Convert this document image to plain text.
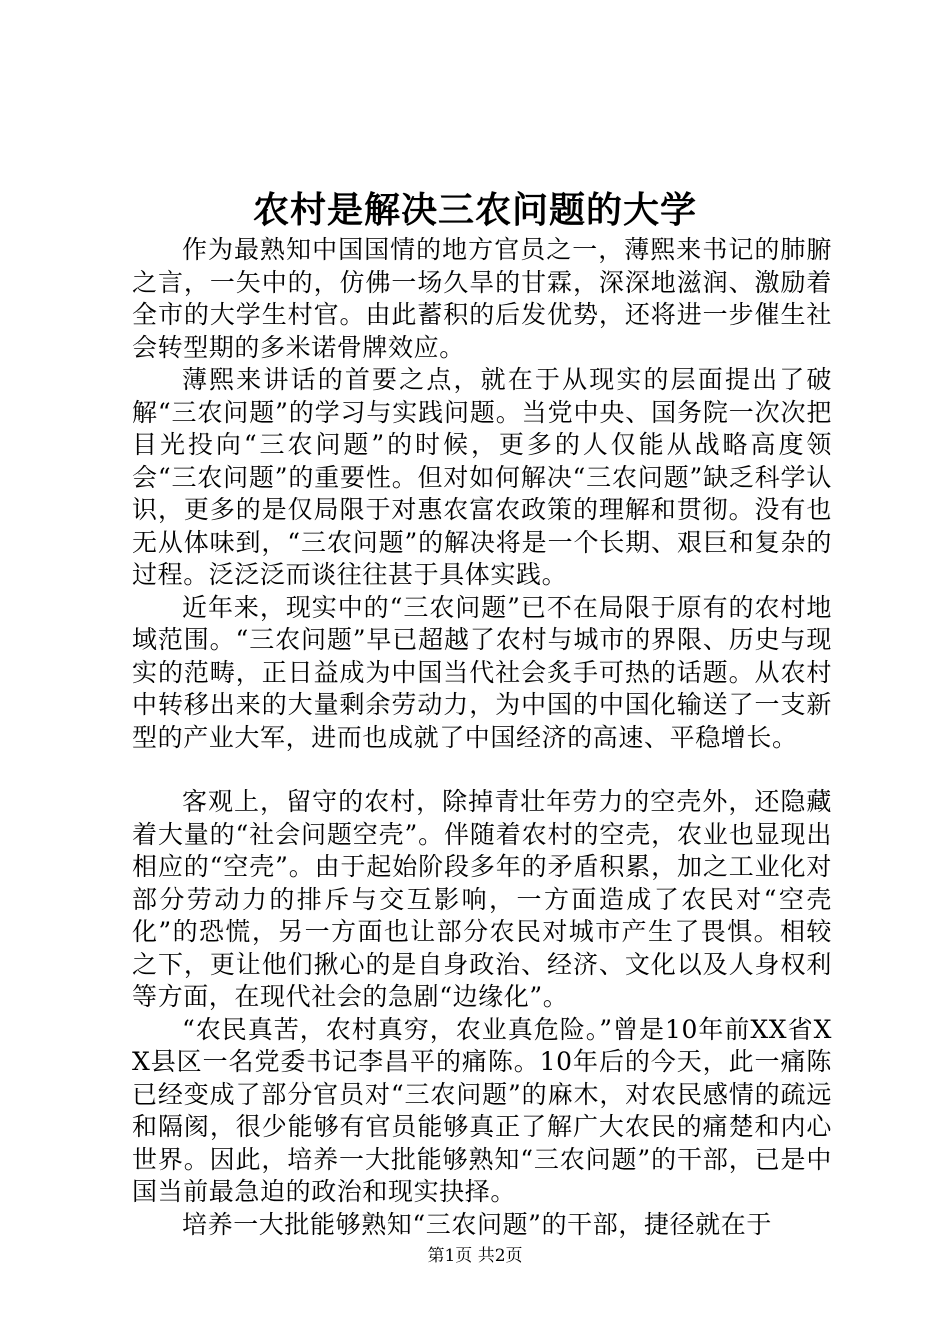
农村是解决三农问题的大学

作为最熟知中国国情的地方官员之一，薄熙来书记的肺腑之言，一矢中的，仿佛一场久旱的甘霖，深深地滋润、激励着全市的大学生村官。由此蓄积的后发优势，还将进一步催生社会转型期的多米诺骨牌效应。

薄熙来讲话的首要之点，就在于从现实的层面提出了破解“三农问题”的学习与实践问题。当党中央、国务院一次次把目光投向“三农问题”的时候，更多的人仅能从战略高度领会“三农问题”的重要性。但对如何解决“三农问题”缺乏科学认识，更多的是仅局限于对惠农富农政策的理解和贯彻。没有也无从体味到，“三农问题”的解决将是一个长期、艰巨和复杂的过程。泛泛泛而谈往往甚于具体实践。

近年来，现实中的“三农问题”已不在局限于原有的农村地域范围。“三农问题”早已超越了农村与城市的界限、历史与现实的范畴，正日益成为中国当代社会炙手可热的话题。从农村中转移出来的大量剩余劳动力，为中国的中国化输送了一支新型的产业大军，进而也成就了中国经济的高速、平稳增长。

客观上，留守的农村，除掉青壮年劳力的空壳外，还隐藏着大量的“社会问题空壳”。伴随着农村的空壳，农业也显现出相应的“空壳”。由于起始阶段多年的矛盾积累，加之工业化对部分劳动力的排斥与交互影响，一方面造成了农民对“空壳化”的恐慌，另一方面也让部分农民对城市产生了畏惧。相较之下，更让他们揪心的是自身政治、经济、文化以及人身权利等方面，在现代社会的急剧“边缘化”。

“农民真苦，农村真穷，农业真危险。”曾是10年前XX省XX县区一名党委书记李昌平的痛陈。10年后的今天，此一痛陈已经变成了部分官员对“三农问题”的麻木，对农民感情的疏远和隔阂，很少能够有官员能够真正了解广大农民的痛楚和内心世界。因此，培养一大批能够熟知“三农问题”的干部，已是中国当前最急迫的政治和现实抉择。

培养一大批能够熟知“三农问题”的干部，捷径就在于

第1页 共2页
